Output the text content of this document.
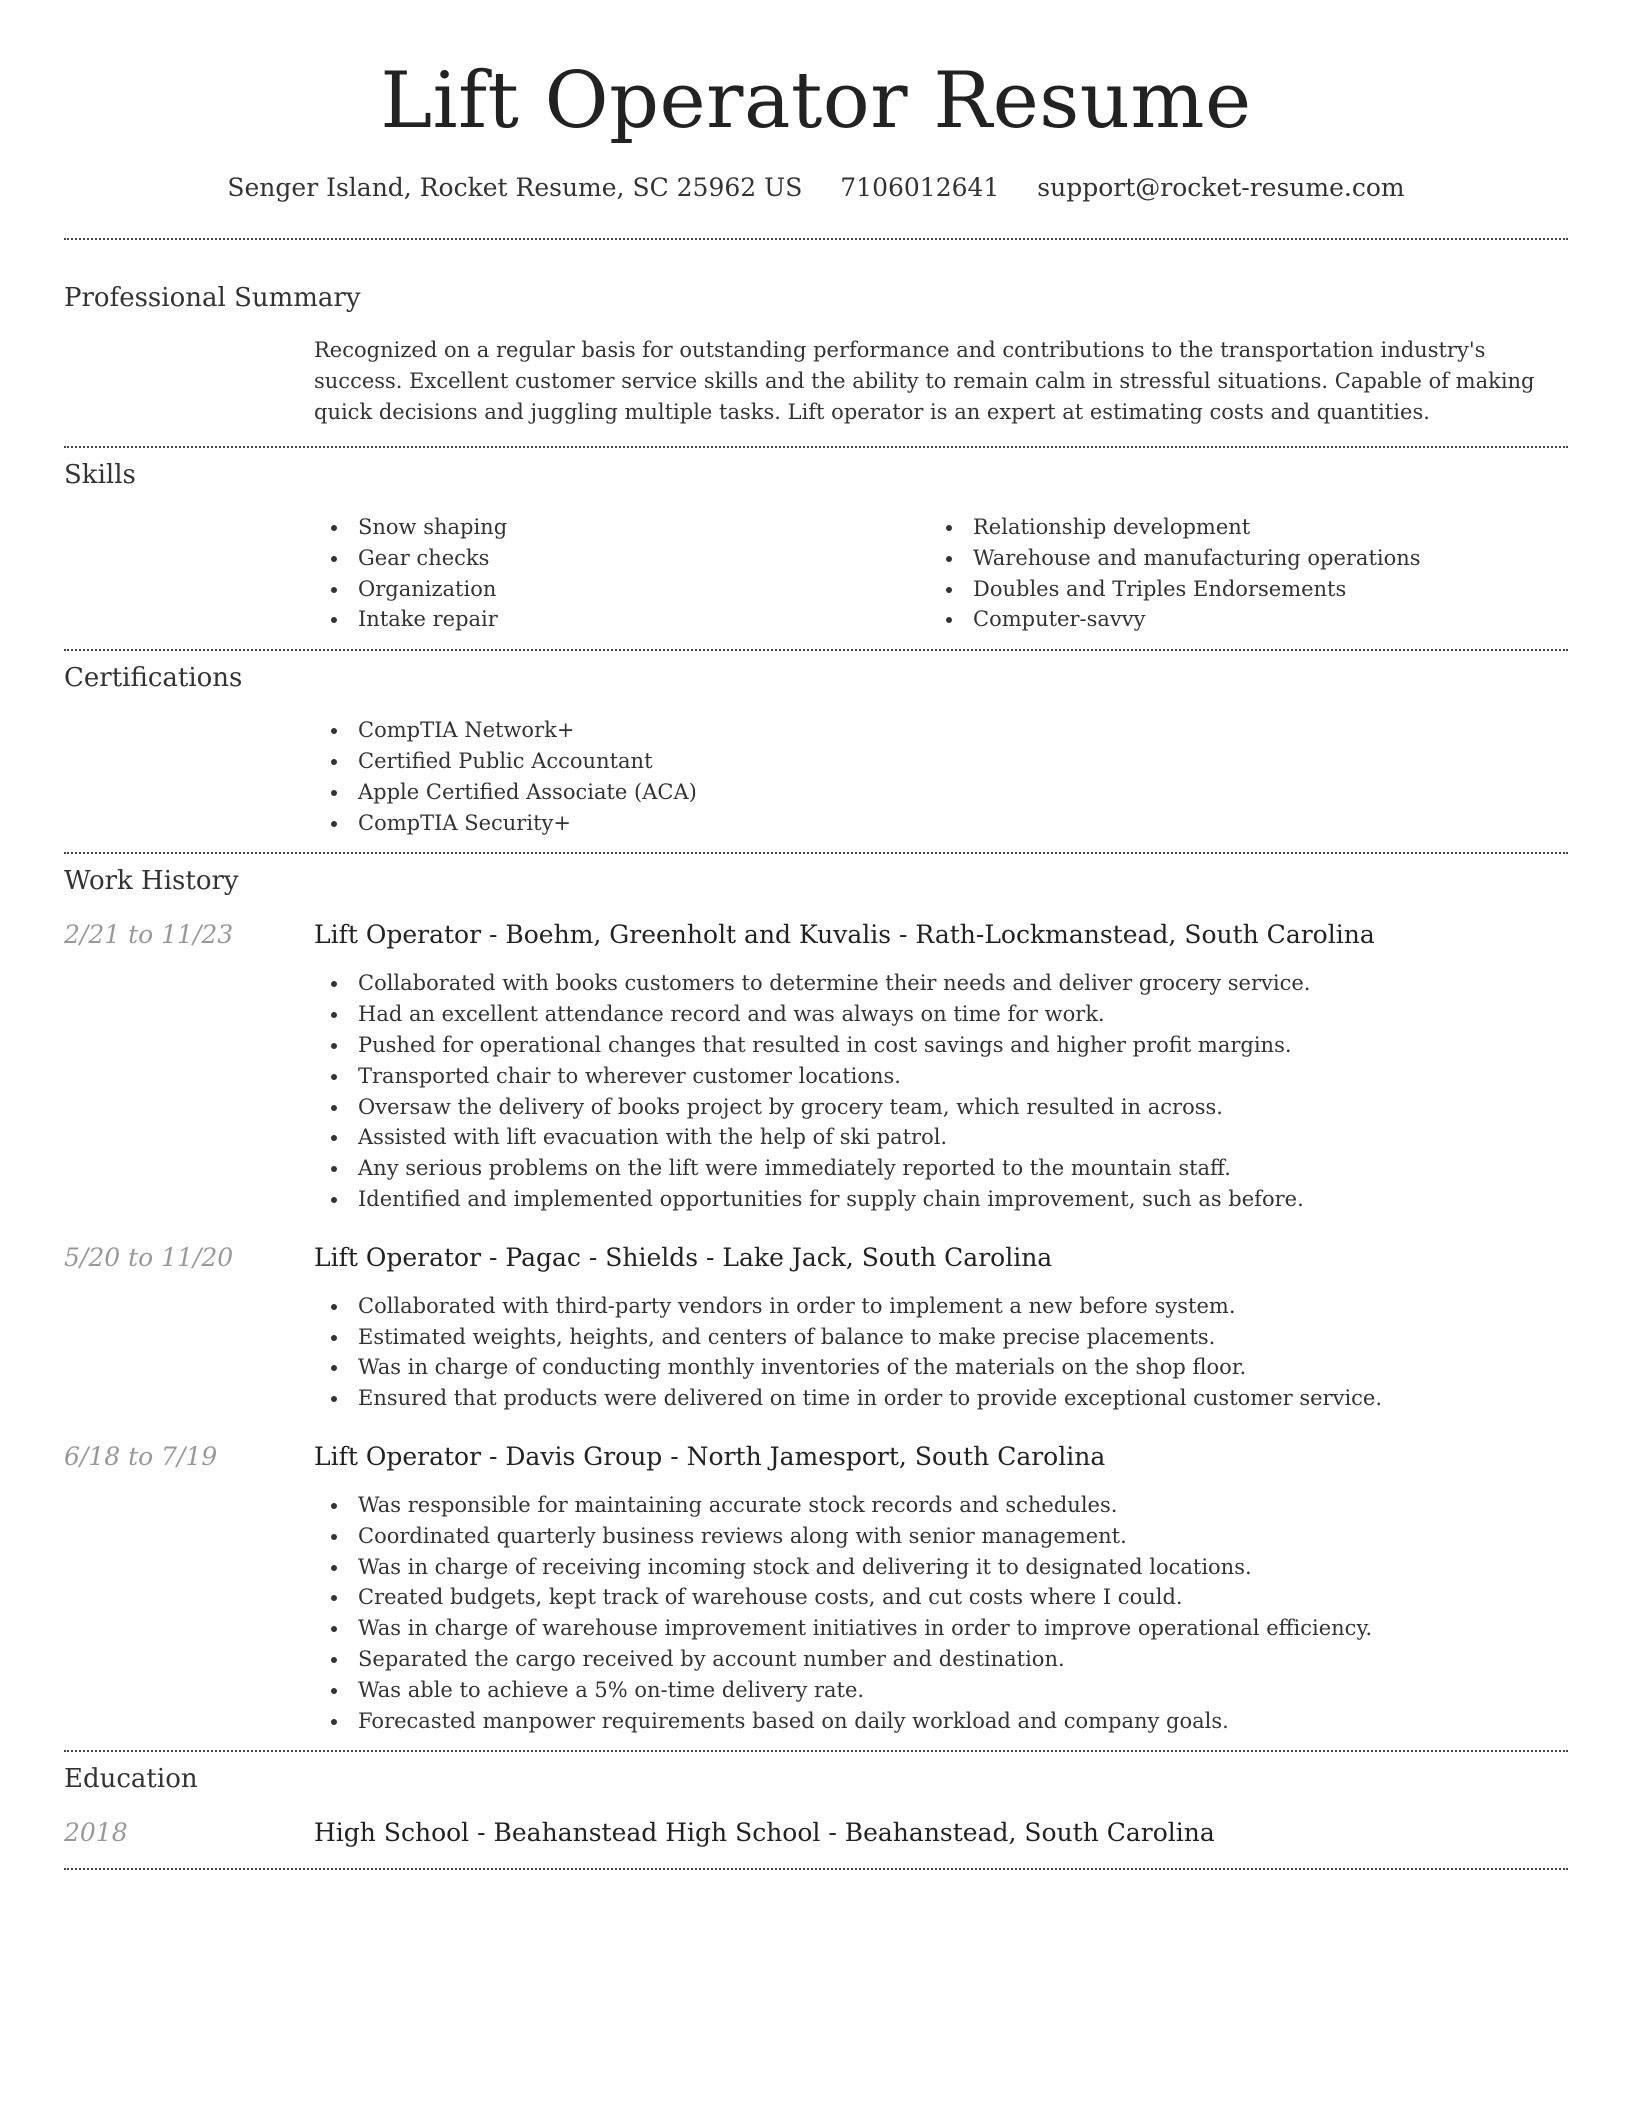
Lift Operator Resume
Senger Island, Rocket Resume, SC 25962 US 7106012641 support@rocket-resume.com
Professional Summary

Recognized on a regular basis for outstanding performance and contributions to the transportation industry's success. Excellent customer service skills and the ability to remain calm in stressful situations. Capable of making quick decisions and juggling multiple tasks. Lift operator is an expert at estimating costs and quantities.

Skills
Snow shaping
Gear checks
Organization
Intake repair
Relationship development
Warehouse and manufacturing operations
Doubles and Triples Endorsements
Computer-savvy
Certifications
CompTIA Network+
Certified Public Accountant
Apple Certified Associate (ACA)
CompTIA Security+
Work History
2/21 to 11/23	Lift Operator - Boehm, Greenholt and Kuvalis - Rath-Lockmanstead, South Carolina
Collaborated with books customers to determine their needs and deliver grocery service.
Had an excellent attendance record and was always on time for work.
Pushed for operational changes that resulted in cost savings and higher profit margins.
Transported chair to wherever customer locations.
Oversaw the delivery of books project by grocery team, which resulted in across.
Assisted with lift evacuation with the help of ski patrol.
Any serious problems on the lift were immediately reported to the mountain staff.
Identified and implemented opportunities for supply chain improvement, such as before.
5/20 to 11/20	Lift Operator - Pagac - Shields - Lake Jack, South Carolina
Collaborated with third-party vendors in order to implement a new before system.
Estimated weights, heights, and centers of balance to make precise placements.
Was in charge of conducting monthly inventories of the materials on the shop floor.
Ensured that products were delivered on time in order to provide exceptional customer service.
6/18 to 7/19	Lift Operator - Davis Group - North Jamesport, South Carolina
Was responsible for maintaining accurate stock records and schedules.
Coordinated quarterly business reviews along with senior management.
Was in charge of receiving incoming stock and delivering it to designated locations.
Created budgets, kept track of warehouse costs, and cut costs where I could.
Was in charge of warehouse improvement initiatives in order to improve operational efficiency.
Separated the cargo received by account number and destination.
Was able to achieve a 5% on-time delivery rate.
Forecasted manpower requirements based on daily workload and company goals.
Education
2018	High School - Beahanstead High School - Beahanstead, South Carolina
